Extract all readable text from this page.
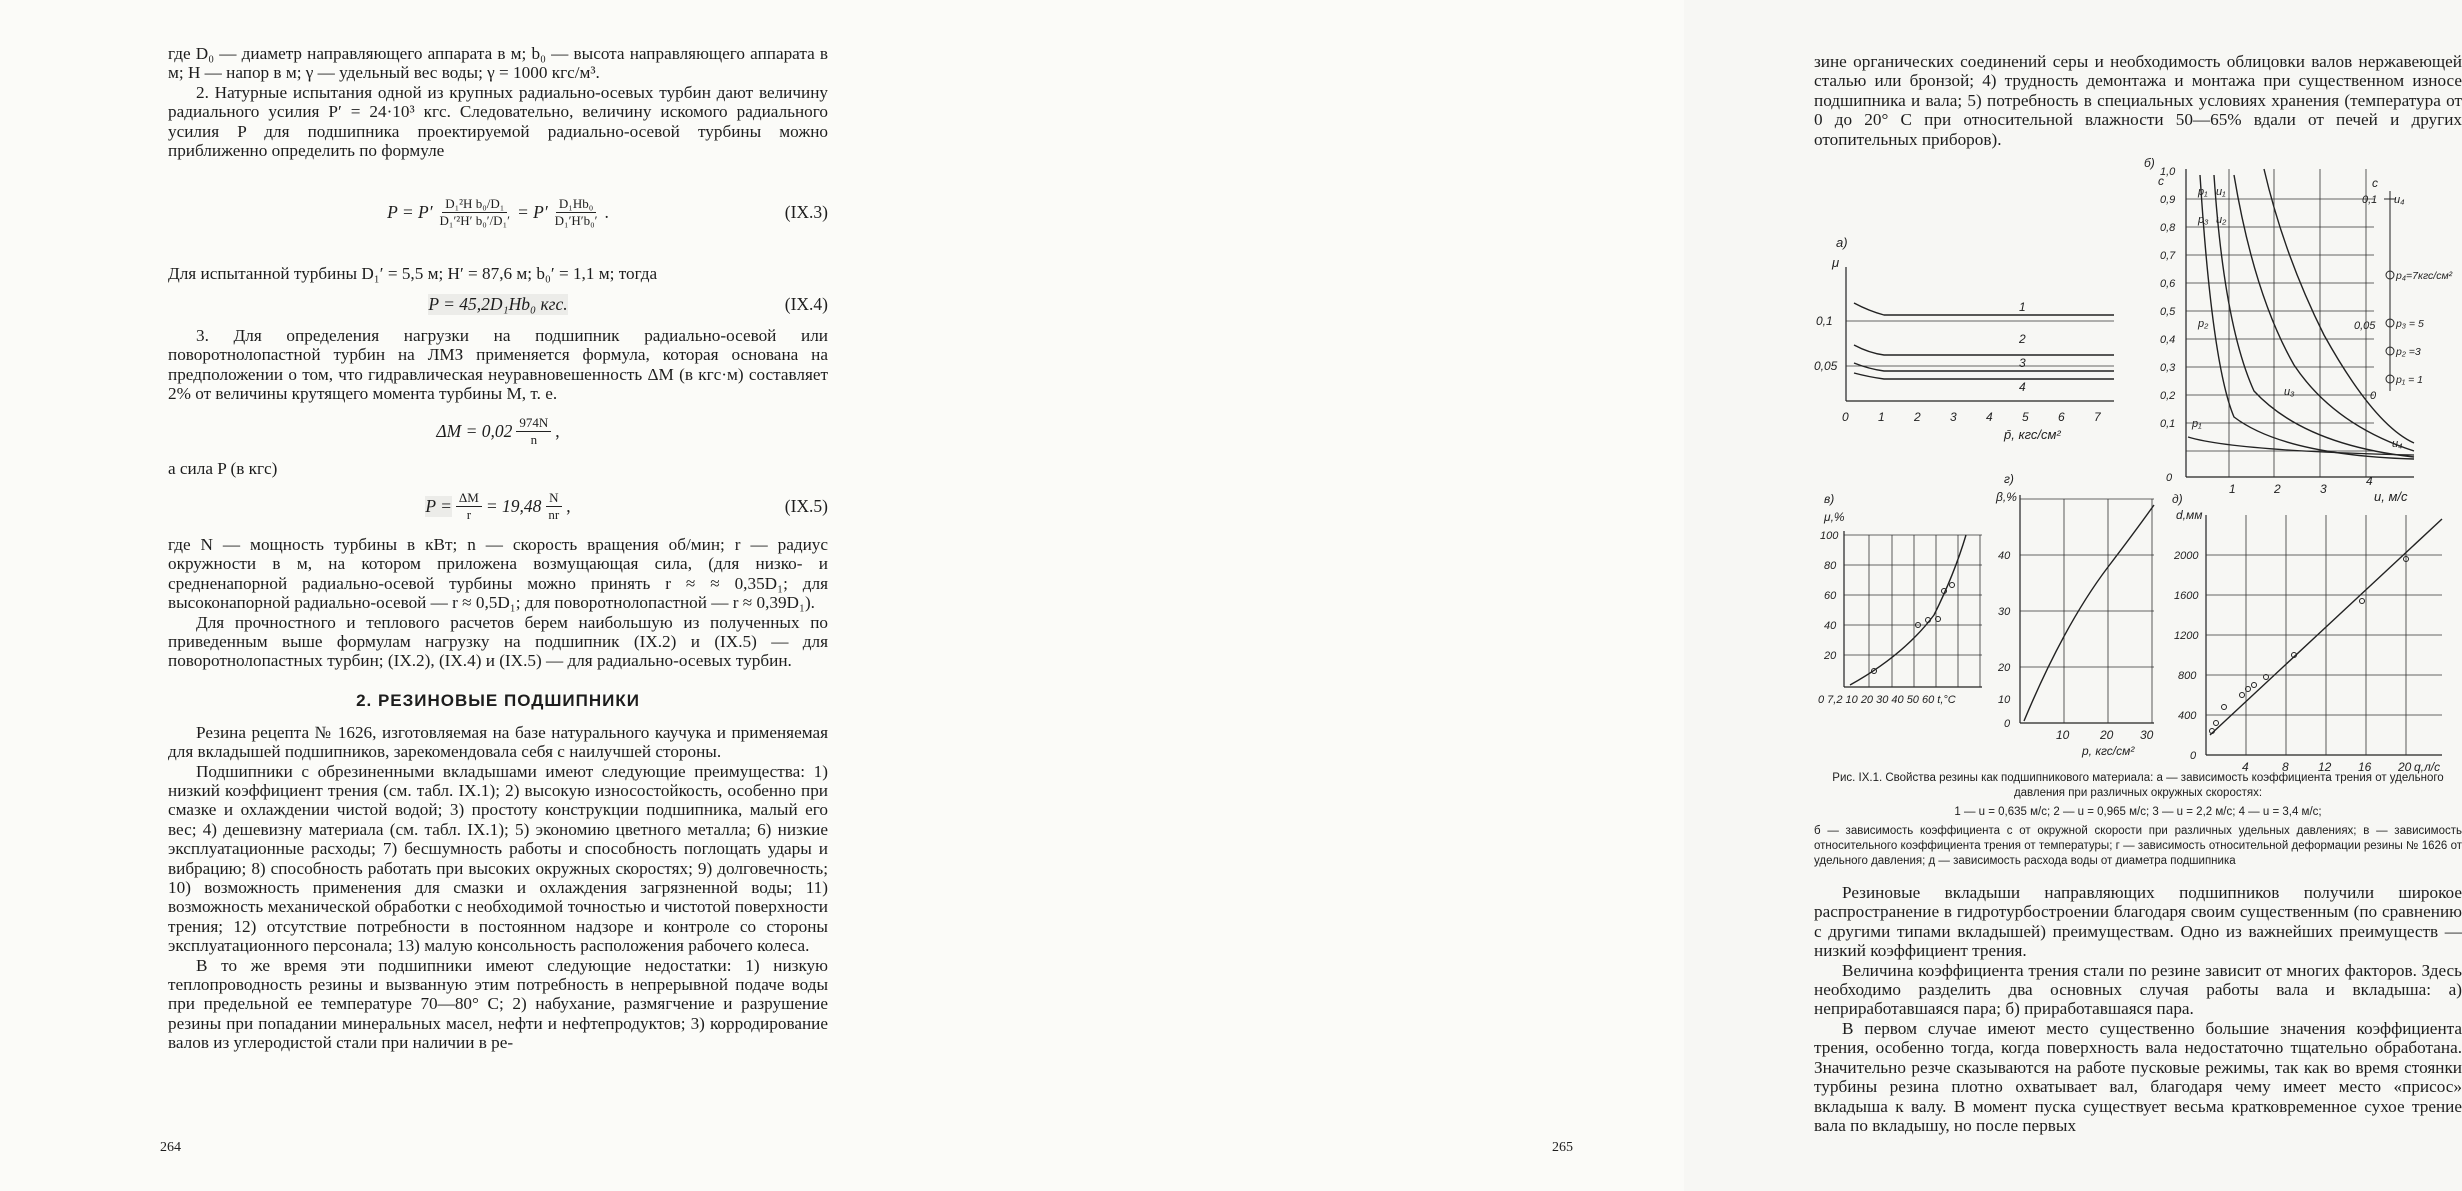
где D₀ — диаметр направляющего аппарата в м; b₀ — высота направляющего аппарата в м; H — напор в м; γ — удельный вес воды; γ = 1000 кгс/м³.

2. Натурные испытания одной из крупных радиально-осевых турбин дают величину радиального усилия P′ = 24·10³ кгс. Следовательно, величину искомого радиального усилия P для подшипника проектируемой радиально-осевой турбины можно приближенно определить по формуле

$P = P' \frac{\text{D₁²H b₀/D₁}}{\text{D₁′²H′ b₀′/D₁′}} = P' \frac{\text{D₁Hb₀}}{\text{D₁′H′b₀′}}$ .	(IX.3)

Для испытанной турбины D₁′ = 5,5 м; H′ = 87,6 м; b₀′ = 1,1 м; тогда

P = 45,2D₁Hb₀ кгс.	(IX.4)

3. Для определения нагрузки на подшипник радиально-осевой или поворотнолопастной турбин на ЛМЗ применяется формула, которая основана на предположении о том, что гидравлическая неуравновешенность ΔM (в кгс·м) составляет 2% от величины крутящего момента турбины M, т. е.

$\Delta M = 0,02 \frac{974N}{n}$ ,

а сила P (в кгс)

$P = \frac{\Delta M}{r} = 19,48 \frac{N}{nr}$ ,	(IX.5)

где N — мощность турбины в кВт; n — скорость вращения об/мин; r — радиус окружности в м, на котором приложена возмущающая сила, (для низко- и средненапорной радиально-осевой турбины можно принять r ≈ ≈ 0,35D₁; для высоконапорной радиально-осевой — r ≈ 0,5D₁; для поворотнолопастной — r ≈ 0,39D₁).

Для прочностного и теплового расчетов берем наибольшую из полученных по приведенным выше формулам нагрузку на подшипник (IX.2) и (IX.5) — для поворотнолопастных турбин; (IX.2), (IX.4) и (IX.5) — для радиально-осевых турбин.

2. РЕЗИНОВЫЕ ПОДШИПНИКИ

Резина рецепта № 1626, изготовляемая на базе натурального каучука и применяемая для вкладышей подшипников, зарекомендовала себя с наилучшей стороны.

Подшипники с обрезиненными вкладышами имеют следующие преимущества: 1) низкий коэффициент трения (см. табл. IX.1); 2) высокую износостойкость, особенно при смазке и охлаждении чистой водой; 3) простоту конструкции подшипника, малый его вес; 4) дешевизну материала (см. табл. IX.1); 5) экономию цветного металла; 6) низкие эксплуатационные расходы; 7) бесшумность работы и способность поглощать удары и вибрацию; 8) способность работать при высоких окружных скоростях; 9) долговечность; 10) возможность применения для смазки и охлаждения загрязненной воды; 11) возможность механической обработки с необходимой точностью и чистотой поверхности трения; 12) отсутствие потребности в постоянном надзоре и контроле со стороны эксплуатационного персонала; 13) малую консольность расположения рабочего колеса.

В то же время эти подшипники имеют следующие недостатки: 1) низкую теплопроводность резины и вызванную этим потребность в непрерывной подаче воды при предельной ее температуре 70—80° С; 2) набухание, размягчение и разрушение резины при попадании минеральных масел, нефти и нефтепродуктов; 3) корродирование валов из углеродистой стали при наличии в ре-

264

зине органических соединений серы и необходимость облицовки валов нержавеющей сталью или бронзой; 4) трудность демонтажа и монтажа при существенном износе подшипника и вала; 5) потребность в специальных условиях хранения (температура от 0 до 20° С при относительной влажности 50—65% вдали от печей и других отопительных приборов).

а)
μ
0,1
0,05
1
2
3
4
0 1 2 3 4 5 6 7
p̄, кгс/см²
б)
c
1,0
0,9
0,8
0,7
0,6
0,5
0,4
0,3
0,2
0,1
0
p₁ u₁
p₃ u₂
p₂
u₃
p₁
u₄
1	2	3
4
u, м/с
c
0,1 u₄
0,05
0
p₄=7кгс/см²
p₃ = 5
p₂ =3
p₁ = 1
в)
μ,%
100
80
60
40
20
0 7,2 10 20 30 40 50 60 t,°C
г)
β,%
40
30
20
10
0
10	20 30
p, кгс/см²
д)
d,мм
2000
1600
1200
800
400
0
4	8 12 16 20 q,л/с
Рис. IX.1. Свойства резины как подшипникового материала: а — зависимость коэффициента трения от удельного давления при различных окружных скоростях:
1 — u = 0,635 м/с; 2 — u = 0,965 м/с; 3 — u = 2,2 м/с; 4 — u = 3,4 м/с;
б — зависимость коэффициента c от окружной скорости при различных удельных давлениях; в — зависимость относительного коэффициента трения от температуры; г — зависимость относительной деформации резины № 1626 от удельного давления; д — зависимость расхода воды от диаметра подшипника

Резиновые вкладыши направляющих подшипников получили широкое распространение в гидротурбостроении благодаря своим существенным (по сравнению с другими типами вкладышей) преимуществам. Одно из важнейших преимуществ — низкий коэффициент трения.

Величина коэффициента трения стали по резине зависит от многих факторов. Здесь необходимо разделить два основных случая работы вала и вкладыша: а) неприработавшаяся пара; б) приработавшаяся пара.

В первом случае имеют место существенно большие значения коэффициента трения, особенно тогда, когда поверхность вала недостаточно тщательно обработана. Значительно резче сказываются на работе пусковые режимы, так как во время стоянки турбины резина плотно охватывает вал, благодаря чему имеет место «присос» вкладыша к валу. В момент пуска существует весьма кратковременное сухое трение вала по вкладышу, но после первых

265
